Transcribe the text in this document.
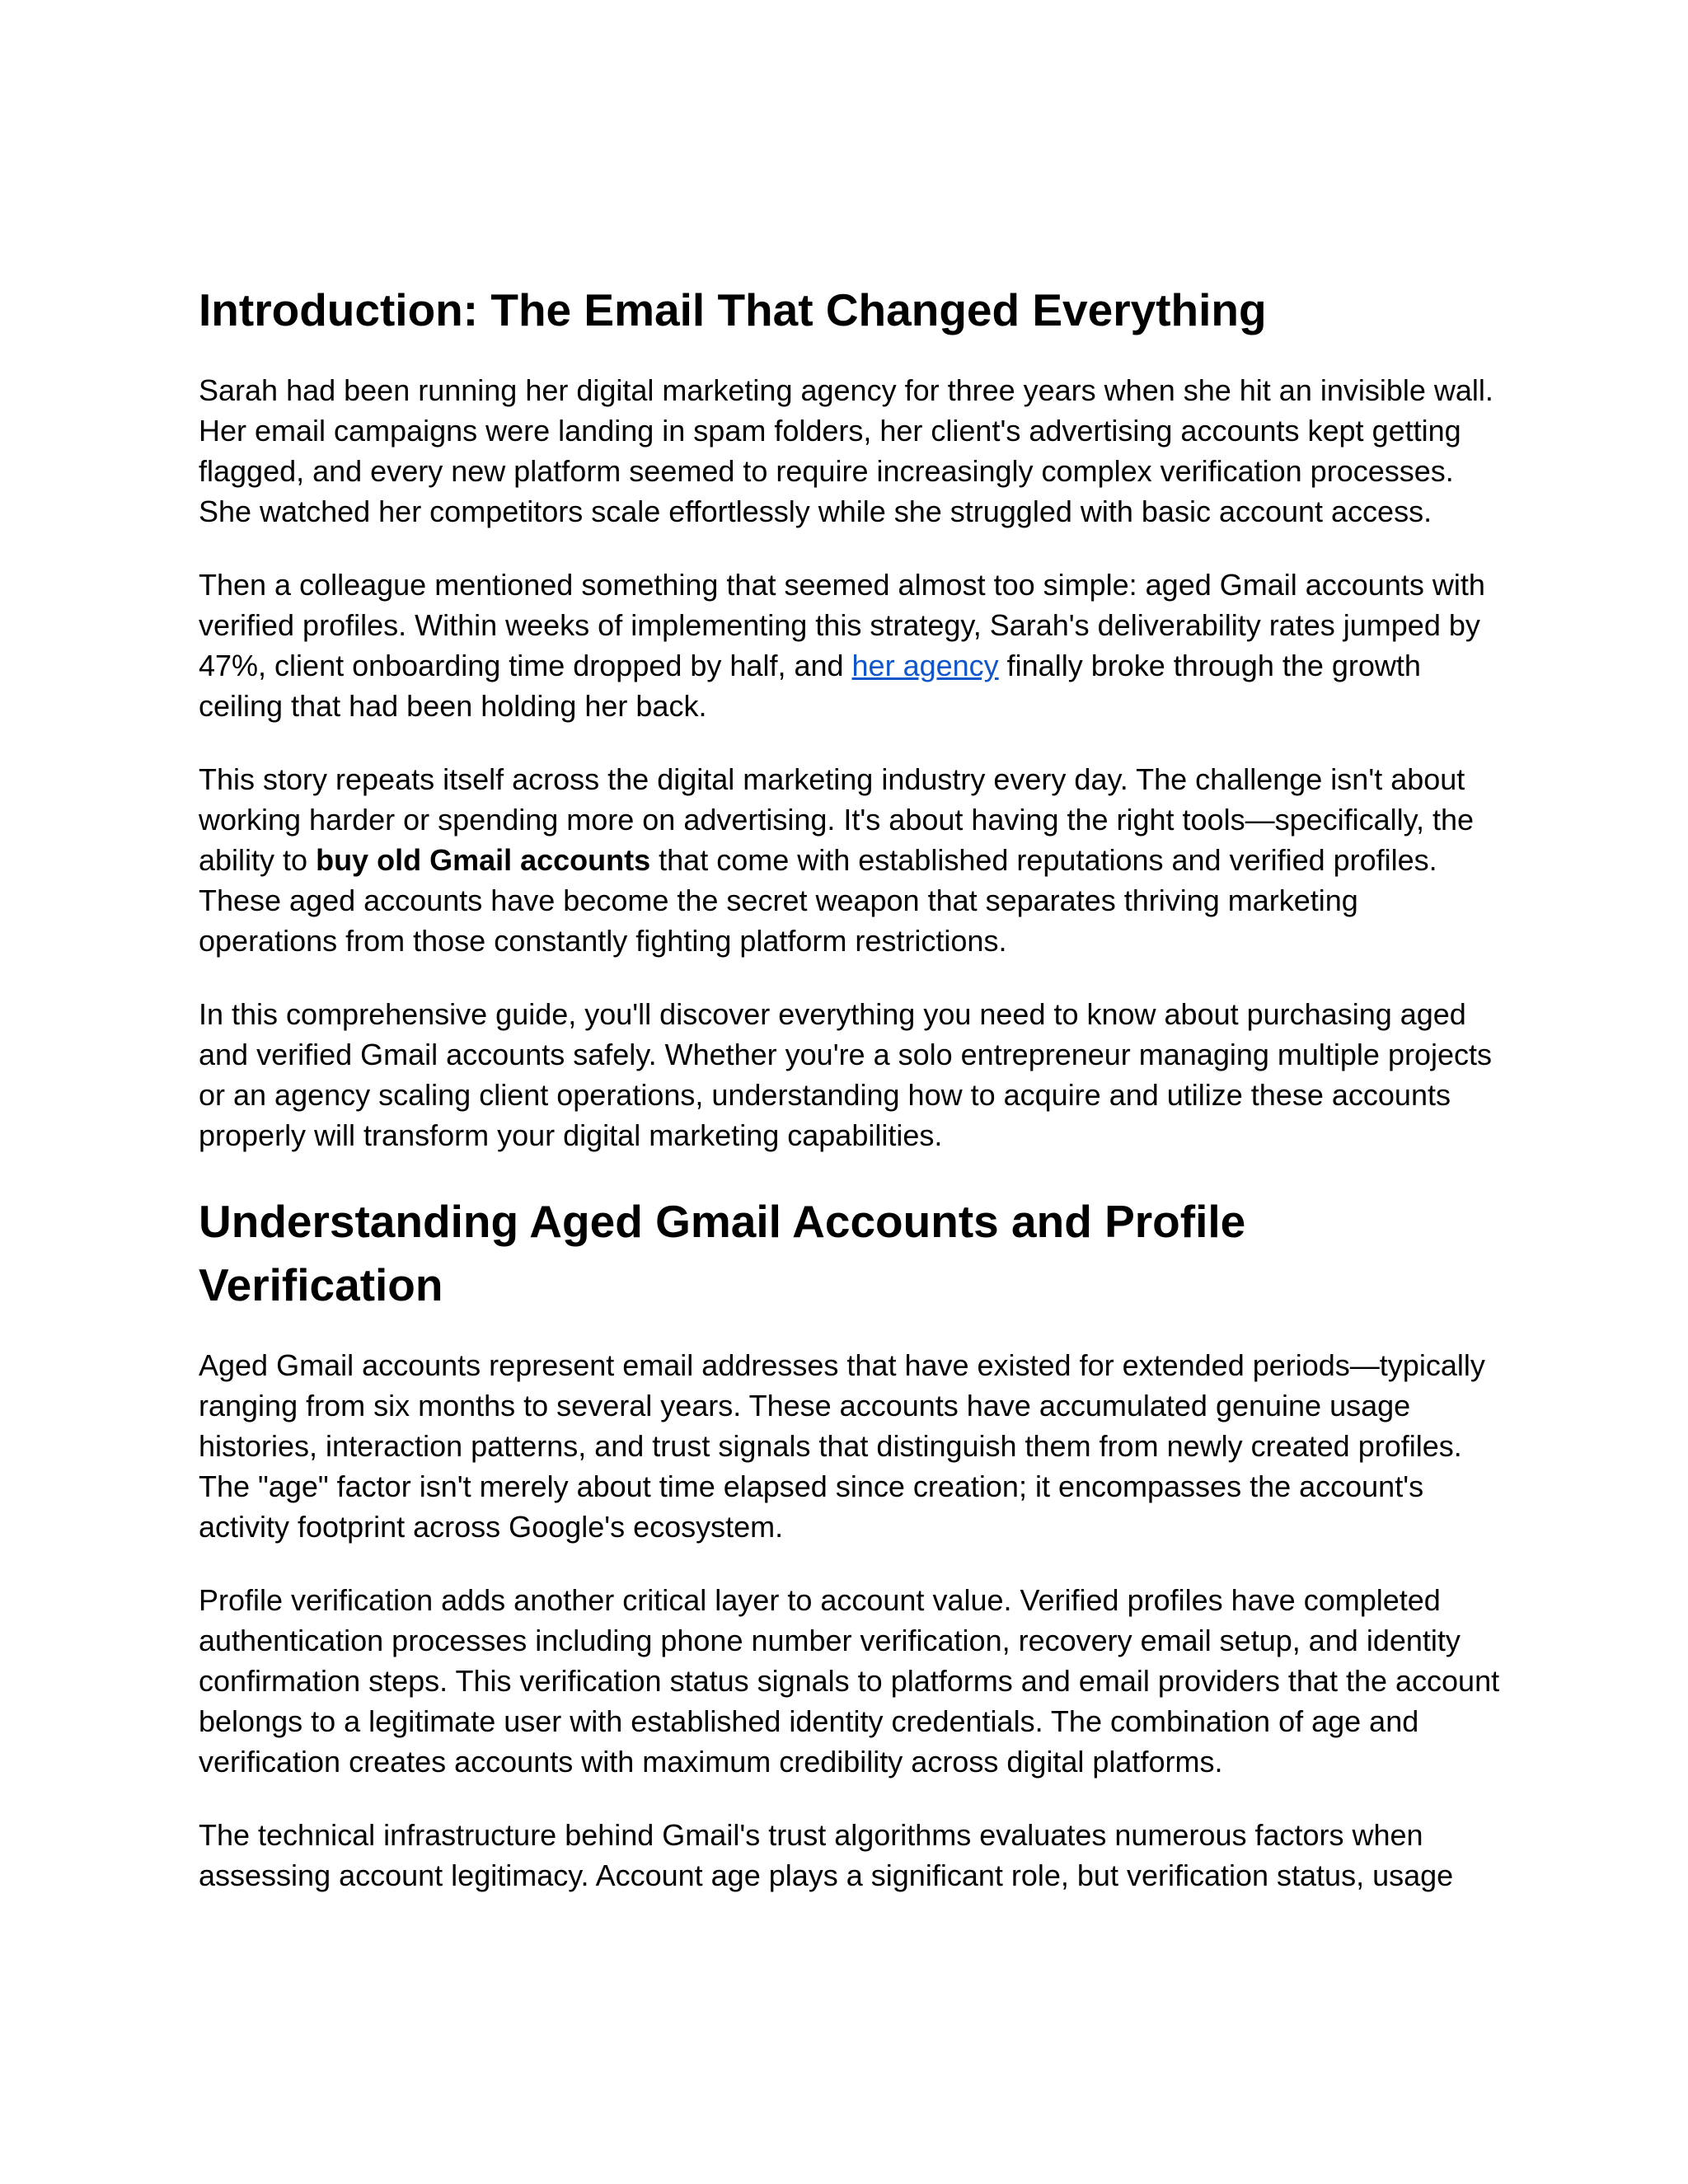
Introduction: The Email That Changed Everything

Sarah had been running her digital marketing agency for three years when she hit an invisible wall. Her email campaigns were landing in spam folders, her client's advertising accounts kept getting flagged, and every new platform seemed to require increasingly complex verification processes. She watched her competitors scale effortlessly while she struggled with basic account access.

Then a colleague mentioned something that seemed almost too simple: aged Gmail accounts with verified profiles. Within weeks of implementing this strategy, Sarah's deliverability rates jumped by 47%, client onboarding time dropped by half, and her agency finally broke through the growth ceiling that had been holding her back.

This story repeats itself across the digital marketing industry every day. The challenge isn't about working harder or spending more on advertising. It's about having the right tools—specifically, the ability to buy old Gmail accounts that come with established reputations and verified profiles. These aged accounts have become the secret weapon that separates thriving marketing operations from those constantly fighting platform restrictions.

In this comprehensive guide, you'll discover everything you need to know about purchasing aged and verified Gmail accounts safely. Whether you're a solo entrepreneur managing multiple projects or an agency scaling client operations, understanding how to acquire and utilize these accounts properly will transform your digital marketing capabilities.

Understanding Aged Gmail Accounts and Profile Verification

Aged Gmail accounts represent email addresses that have existed for extended periods—typically ranging from six months to several years. These accounts have accumulated genuine usage histories, interaction patterns, and trust signals that distinguish them from newly created profiles. The "age" factor isn't merely about time elapsed since creation; it encompasses the account's activity footprint across Google's ecosystem.

Profile verification adds another critical layer to account value. Verified profiles have completed authentication processes including phone number verification, recovery email setup, and identity confirmation steps. This verification status signals to platforms and email providers that the account belongs to a legitimate user with established identity credentials. The combination of age and verification creates accounts with maximum credibility across digital platforms.

The technical infrastructure behind Gmail's trust algorithms evaluates numerous factors when assessing account legitimacy. Account age plays a significant role, but verification status, usage
